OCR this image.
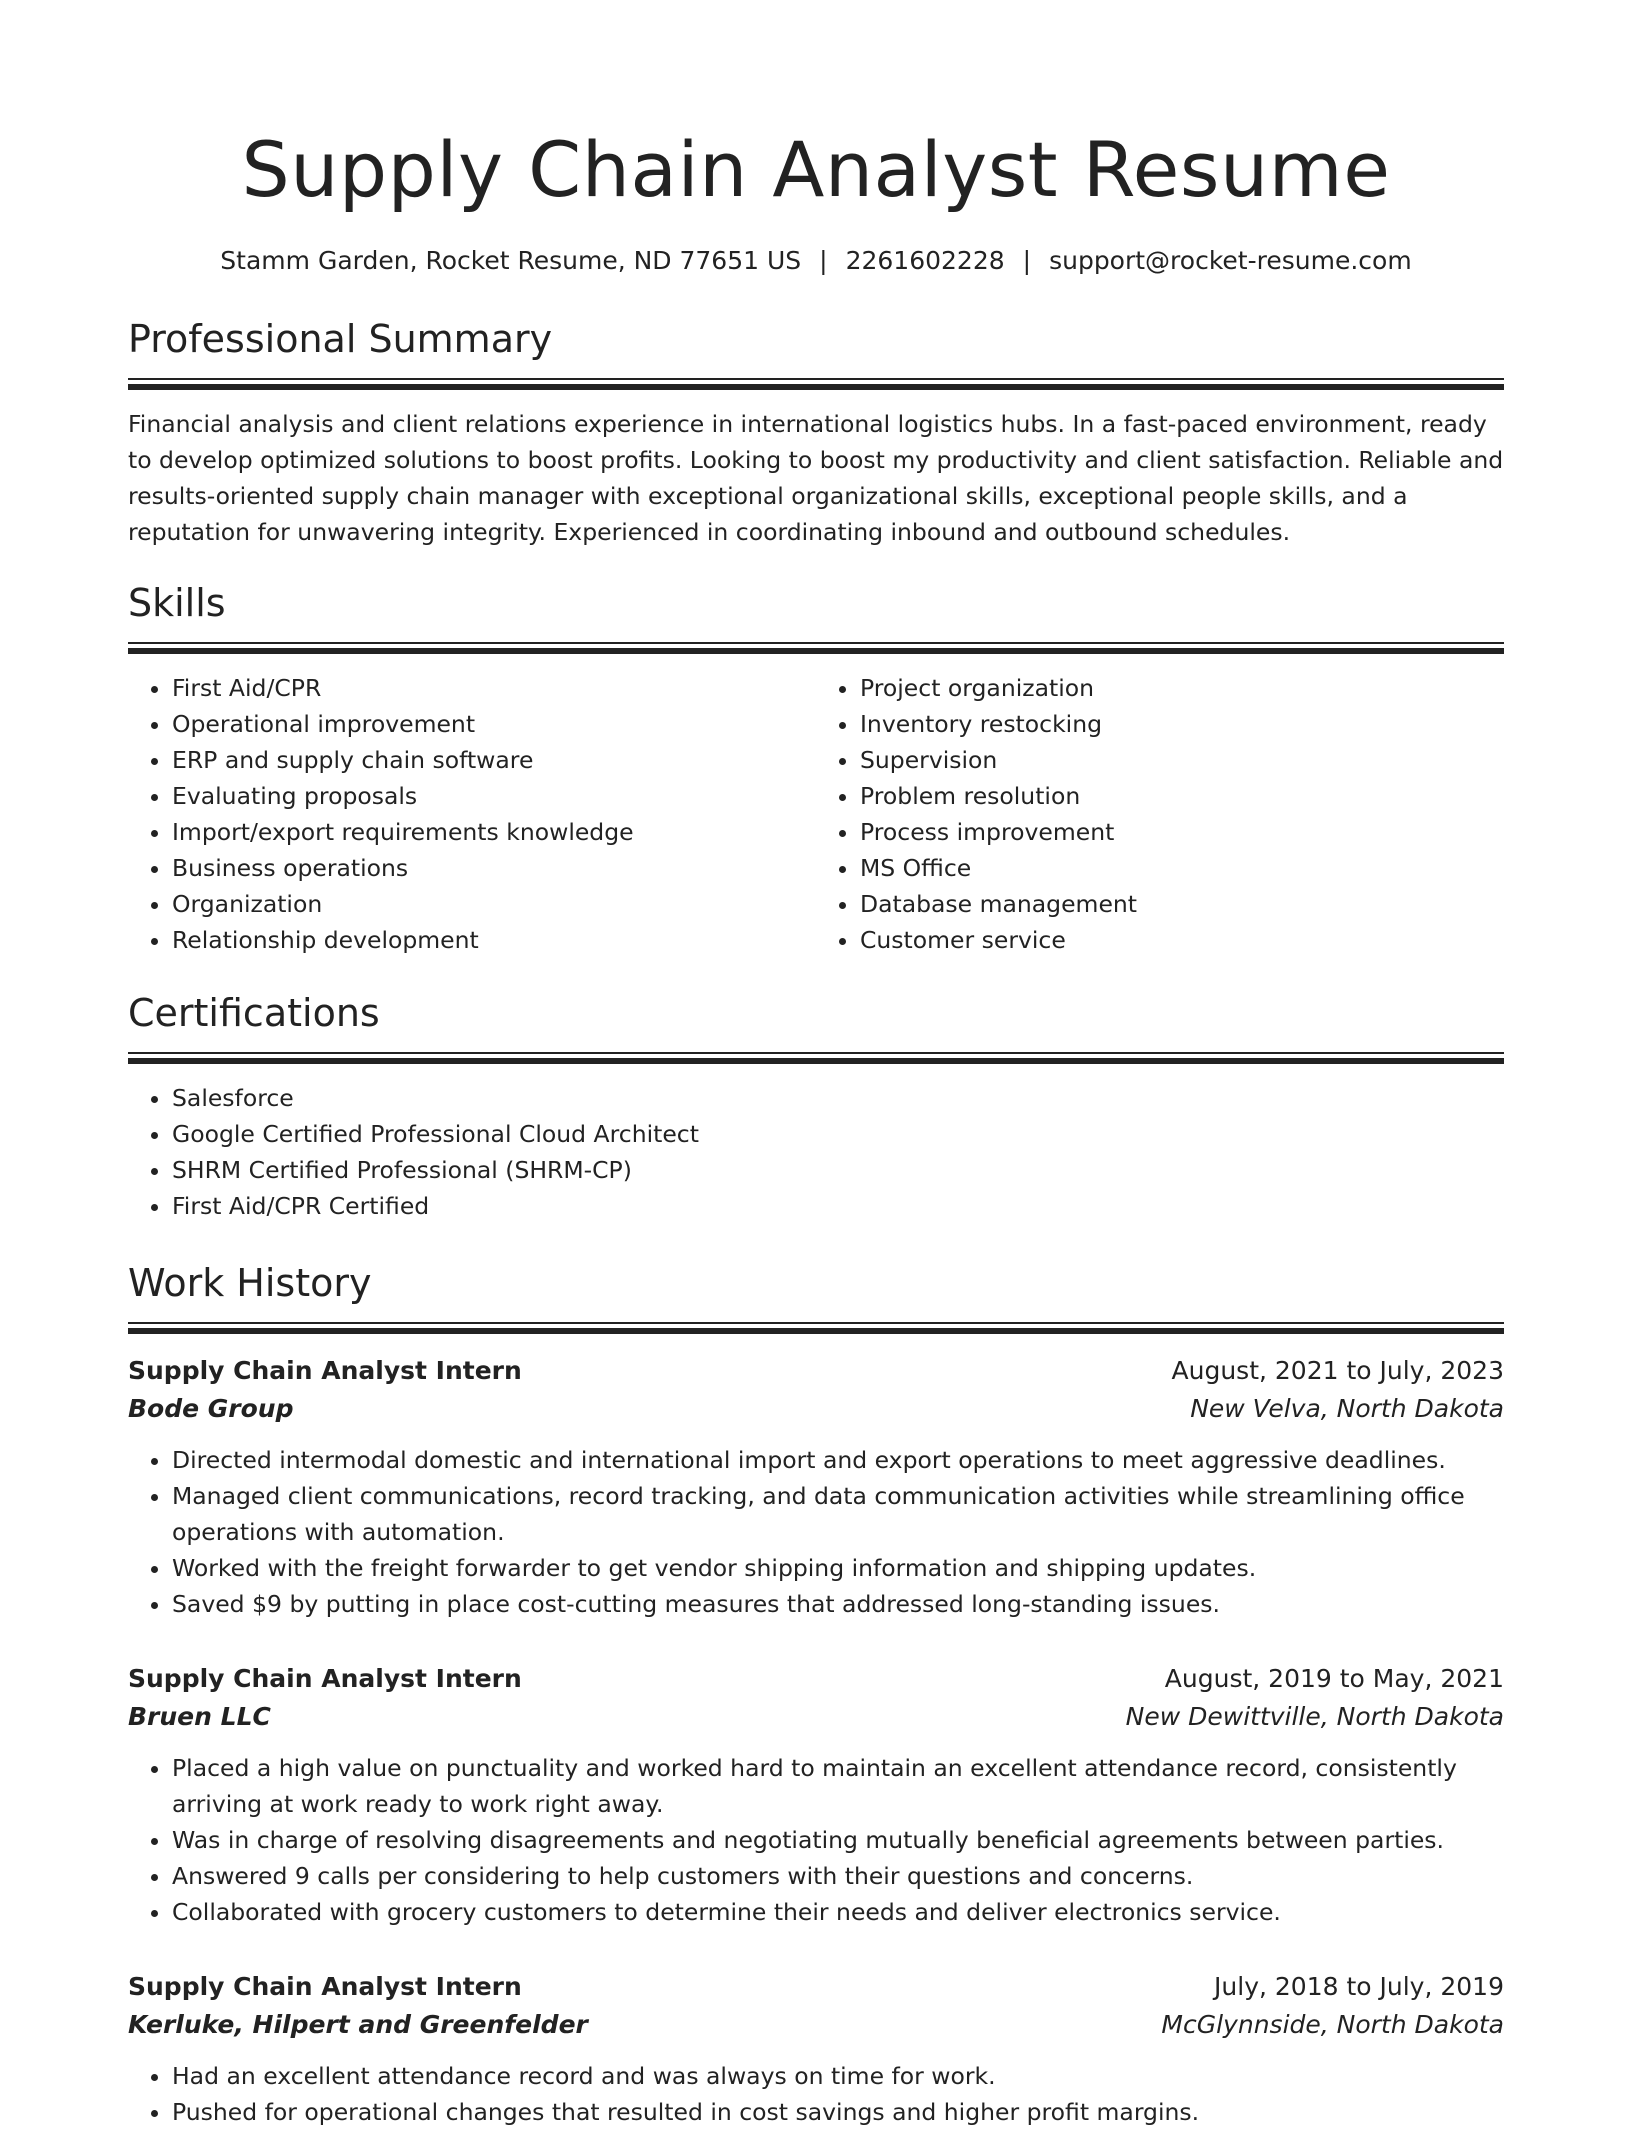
Supply Chain Analyst Resume
Stamm Garden, Rocket Resume, ND 77651 US | 2261602228 | support@rocket-resume.com
Professional Summary

Financial analysis and client relations experience in international logistics hubs. In a fast-paced environment, ready to develop optimized solutions to boost profits. Looking to boost my productivity and client satisfaction. Reliable and results-oriented supply chain manager with exceptional organizational skills, exceptional people skills, and a reputation for unwavering integrity. Experienced in coordinating inbound and outbound schedules.

Skills
• First Aid/CPR
• Operational improvement
• ERP and supply chain software
• Evaluating proposals
• Import/export requirements knowledge
• Business operations
• Organization
• Relationship development
• Project organization
• Inventory restocking
• Supervision
• Problem resolution
• Process improvement
• MS Office
• Database management
• Customer service
Certifications
• Salesforce
• Google Certified Professional Cloud Architect
• SHRM Certified Professional (SHRM-CP)
• First Aid/CPR Certified
Work History
Supply Chain Analyst Intern	August, 2021 to July, 2023
Bode Group	New Velva, North Dakota
• Directed intermodal domestic and international import and export operations to meet aggressive deadlines.
• Managed client communications, record tracking, and data communication activities while streamlining office operations with automation.
• Worked with the freight forwarder to get vendor shipping information and shipping updates.
• Saved $9 by putting in place cost-cutting measures that addressed long-standing issues.
Supply Chain Analyst Intern	August, 2019 to May, 2021
Bruen LLC	New Dewittville, North Dakota
• Placed a high value on punctuality and worked hard to maintain an excellent attendance record, consistently arriving at work ready to work right away.
• Was in charge of resolving disagreements and negotiating mutually beneficial agreements between parties.
• Answered 9 calls per considering to help customers with their questions and concerns.
• Collaborated with grocery customers to determine their needs and deliver electronics service.
Supply Chain Analyst Intern	July, 2018 to July, 2019
Kerluke, Hilpert and Greenfelder	McGlynnside, North Dakota
• Had an excellent attendance record and was always on time for work.
• Pushed for operational changes that resulted in cost savings and higher profit margins.
